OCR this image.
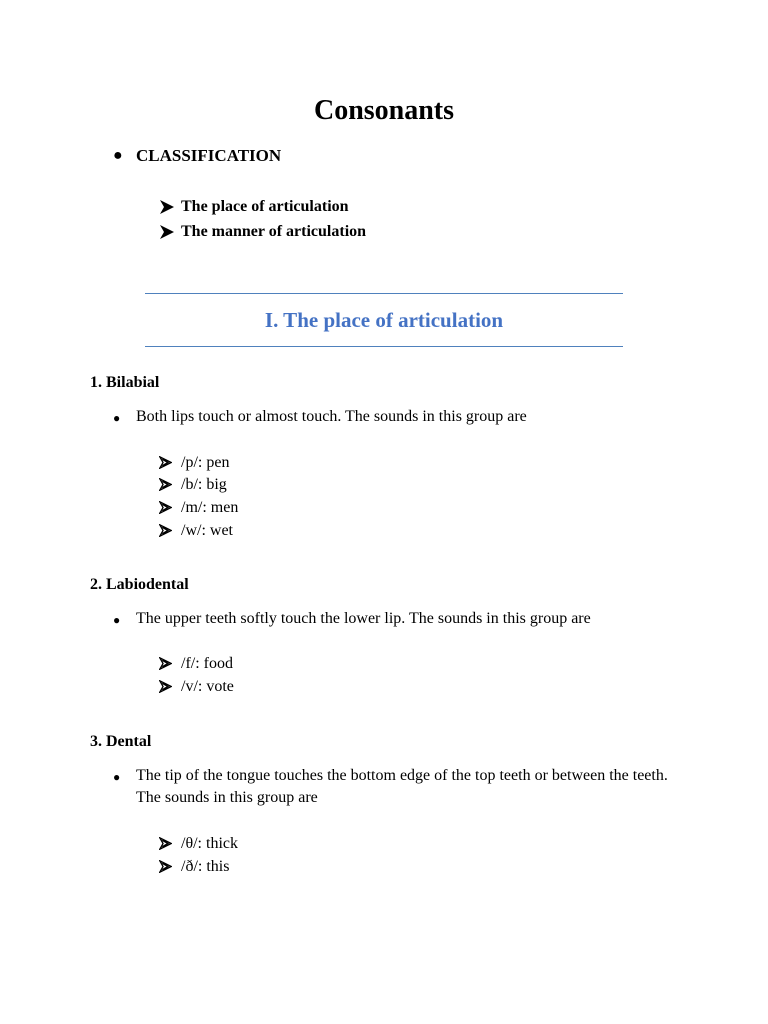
Consonants
● CLASSIFICATION
The place of articulation
The manner of articulation
I. The place of articulation
1. Bilabial
● Both lips touch or almost touch. The sounds in this group are
/p/: pen
/b/: big
/m/: men
/w/: wet
2. Labiodental
● The upper teeth softly touch the lower lip. The sounds in this group are
/f/: food
/v/: vote
3. Dental
● The tip of the tongue touches the bottom edge of the top teeth or between the teeth. The sounds in this group are
/θ/: thick
/ð/: this
